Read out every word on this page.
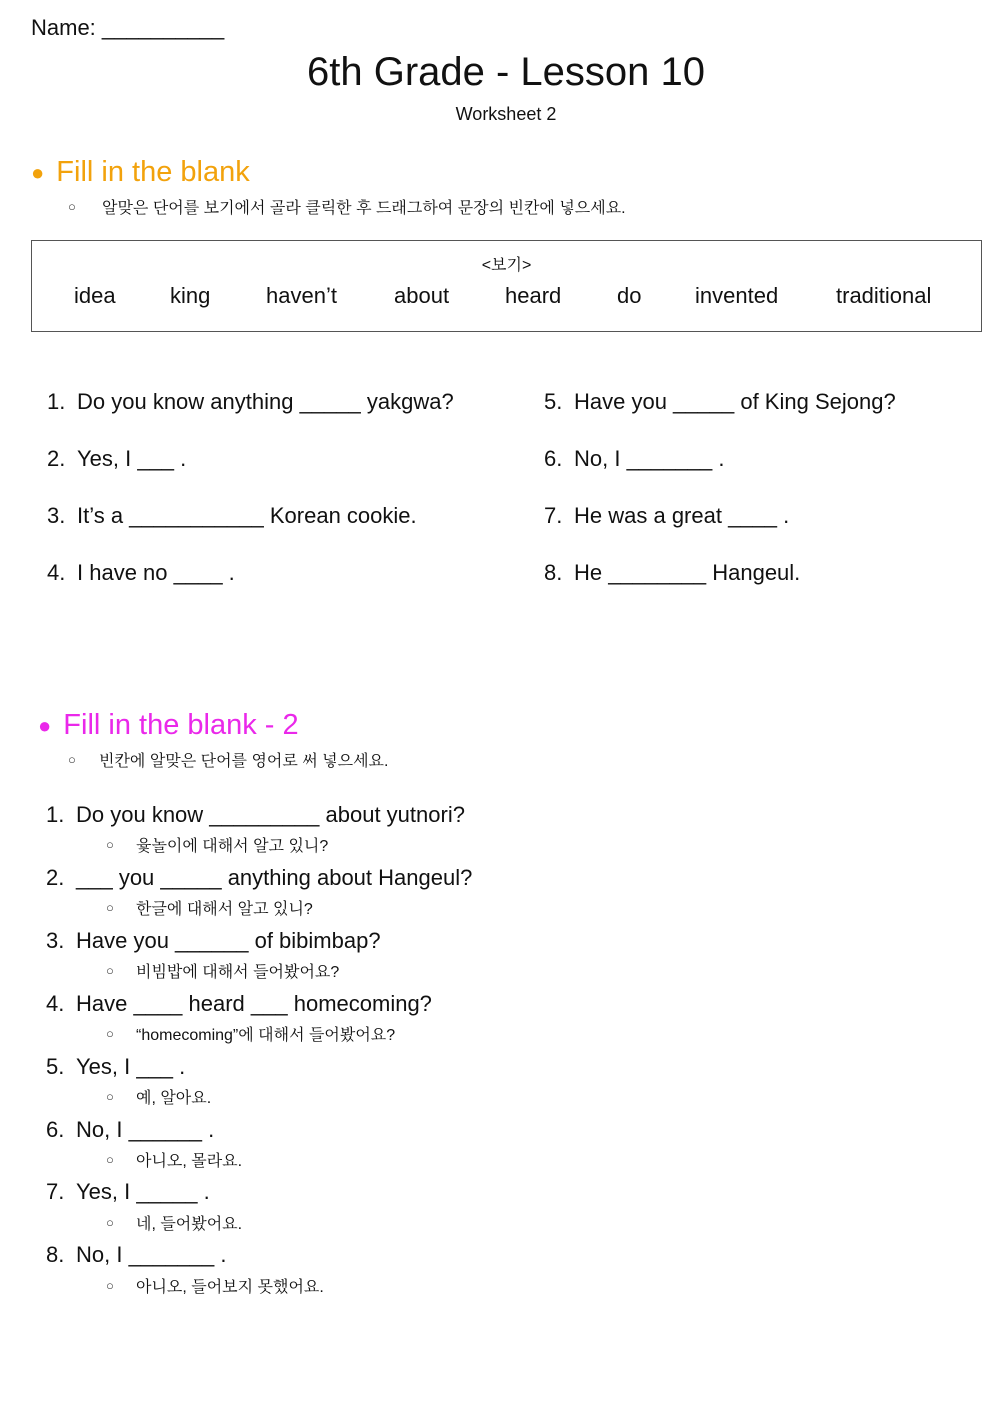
Name: __________
6th Grade - Lesson 10
Worksheet 2
● Fill in the blank
○	알맞은 단어를 보기에서 골라 클릭한 후 드래그하여 문장의 빈칸에 넣으세요.
<보기>
idea king	haven’t	about	heard	do invented	traditional
1. Do you know anything _____ yakgwa?
2. Yes, I ___ .
3. It’s a ___________ Korean cookie.
4. I have no ____ .
5. Have you _____ of King Sejong?
6. No, I _______ .
7. He was a great ____ .
8. He ________ Hangeul.
● Fill in the blank - 2
○	빈칸에 알맞은 단어를 영어로 써 넣으세요.
1. Do you know _________ about yutnori?
○	윷놀이에 대해서 알고 있니?
2. ___ you _____ anything about Hangeul?
○	한글에 대해서 알고 있니?
3. Have you ______ of bibimbap?
○	비빔밥에 대해서 들어봤어요?
4. Have ____ heard ___ homecoming?
○	“homecoming”에 대해서 들어봤어요?
5. Yes, I ___ .
○	예, 알아요.
6. No, I ______ .
○	아니오, 몰라요.
7. Yes, I _____ .
○	네, 들어봤어요.
8. No, I _______ .
○	아니오, 들어보지 못했어요.
